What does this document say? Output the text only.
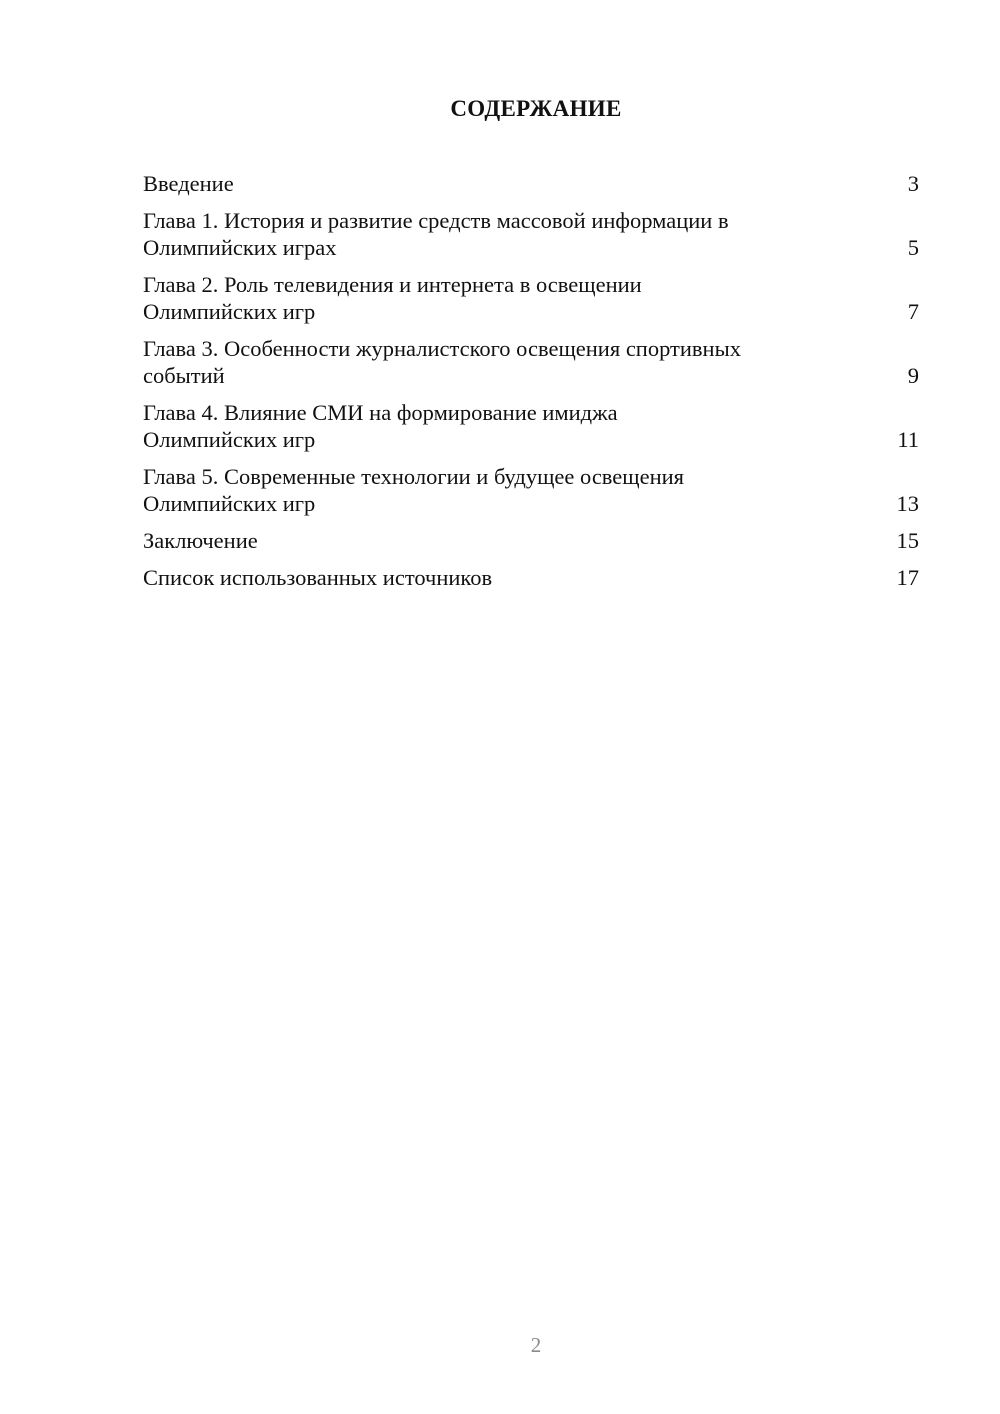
СОДЕРЖАНИЕ
Введение	3
Глава 1. История и развитие средств массовой информации в
Олимпийских играх	5
Глава 2. Роль телевидения и интернета в освещении
Олимпийских игр	7
Глава 3. Особенности журналистского освещения спортивных
событий	9
Глава 4. Влияние СМИ на формирование имиджа
Олимпийских игр	11
Глава 5. Современные технологии и будущее освещения
Олимпийских игр	13
Заключение	15
Список использованных источников	17

2
